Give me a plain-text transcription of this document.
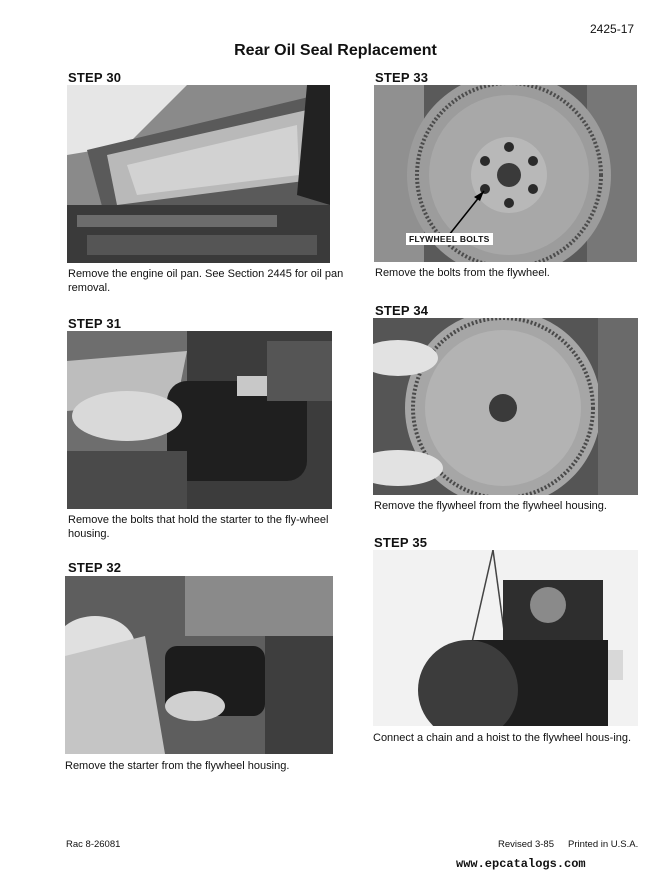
2425-17
Rear Oil Seal Replacement
STEP 30
Remove the engine oil pan. See Section 2445 for oil pan removal.
STEP 31
Remove the bolts that hold the starter to the fly-wheel housing.
STEP 32
Remove the starter from the flywheel housing.
STEP 33
FLYWHEEL BOLTS
Remove the bolts from the flywheel.
STEP 34
Remove the flywheel from the flywheel housing.
STEP 35
Connect a chain and a hoist to the flywheel hous-ing.
Rac 8-26081	Revised 3-85 Printed in U.S.A.
www.epcatalogs.com
